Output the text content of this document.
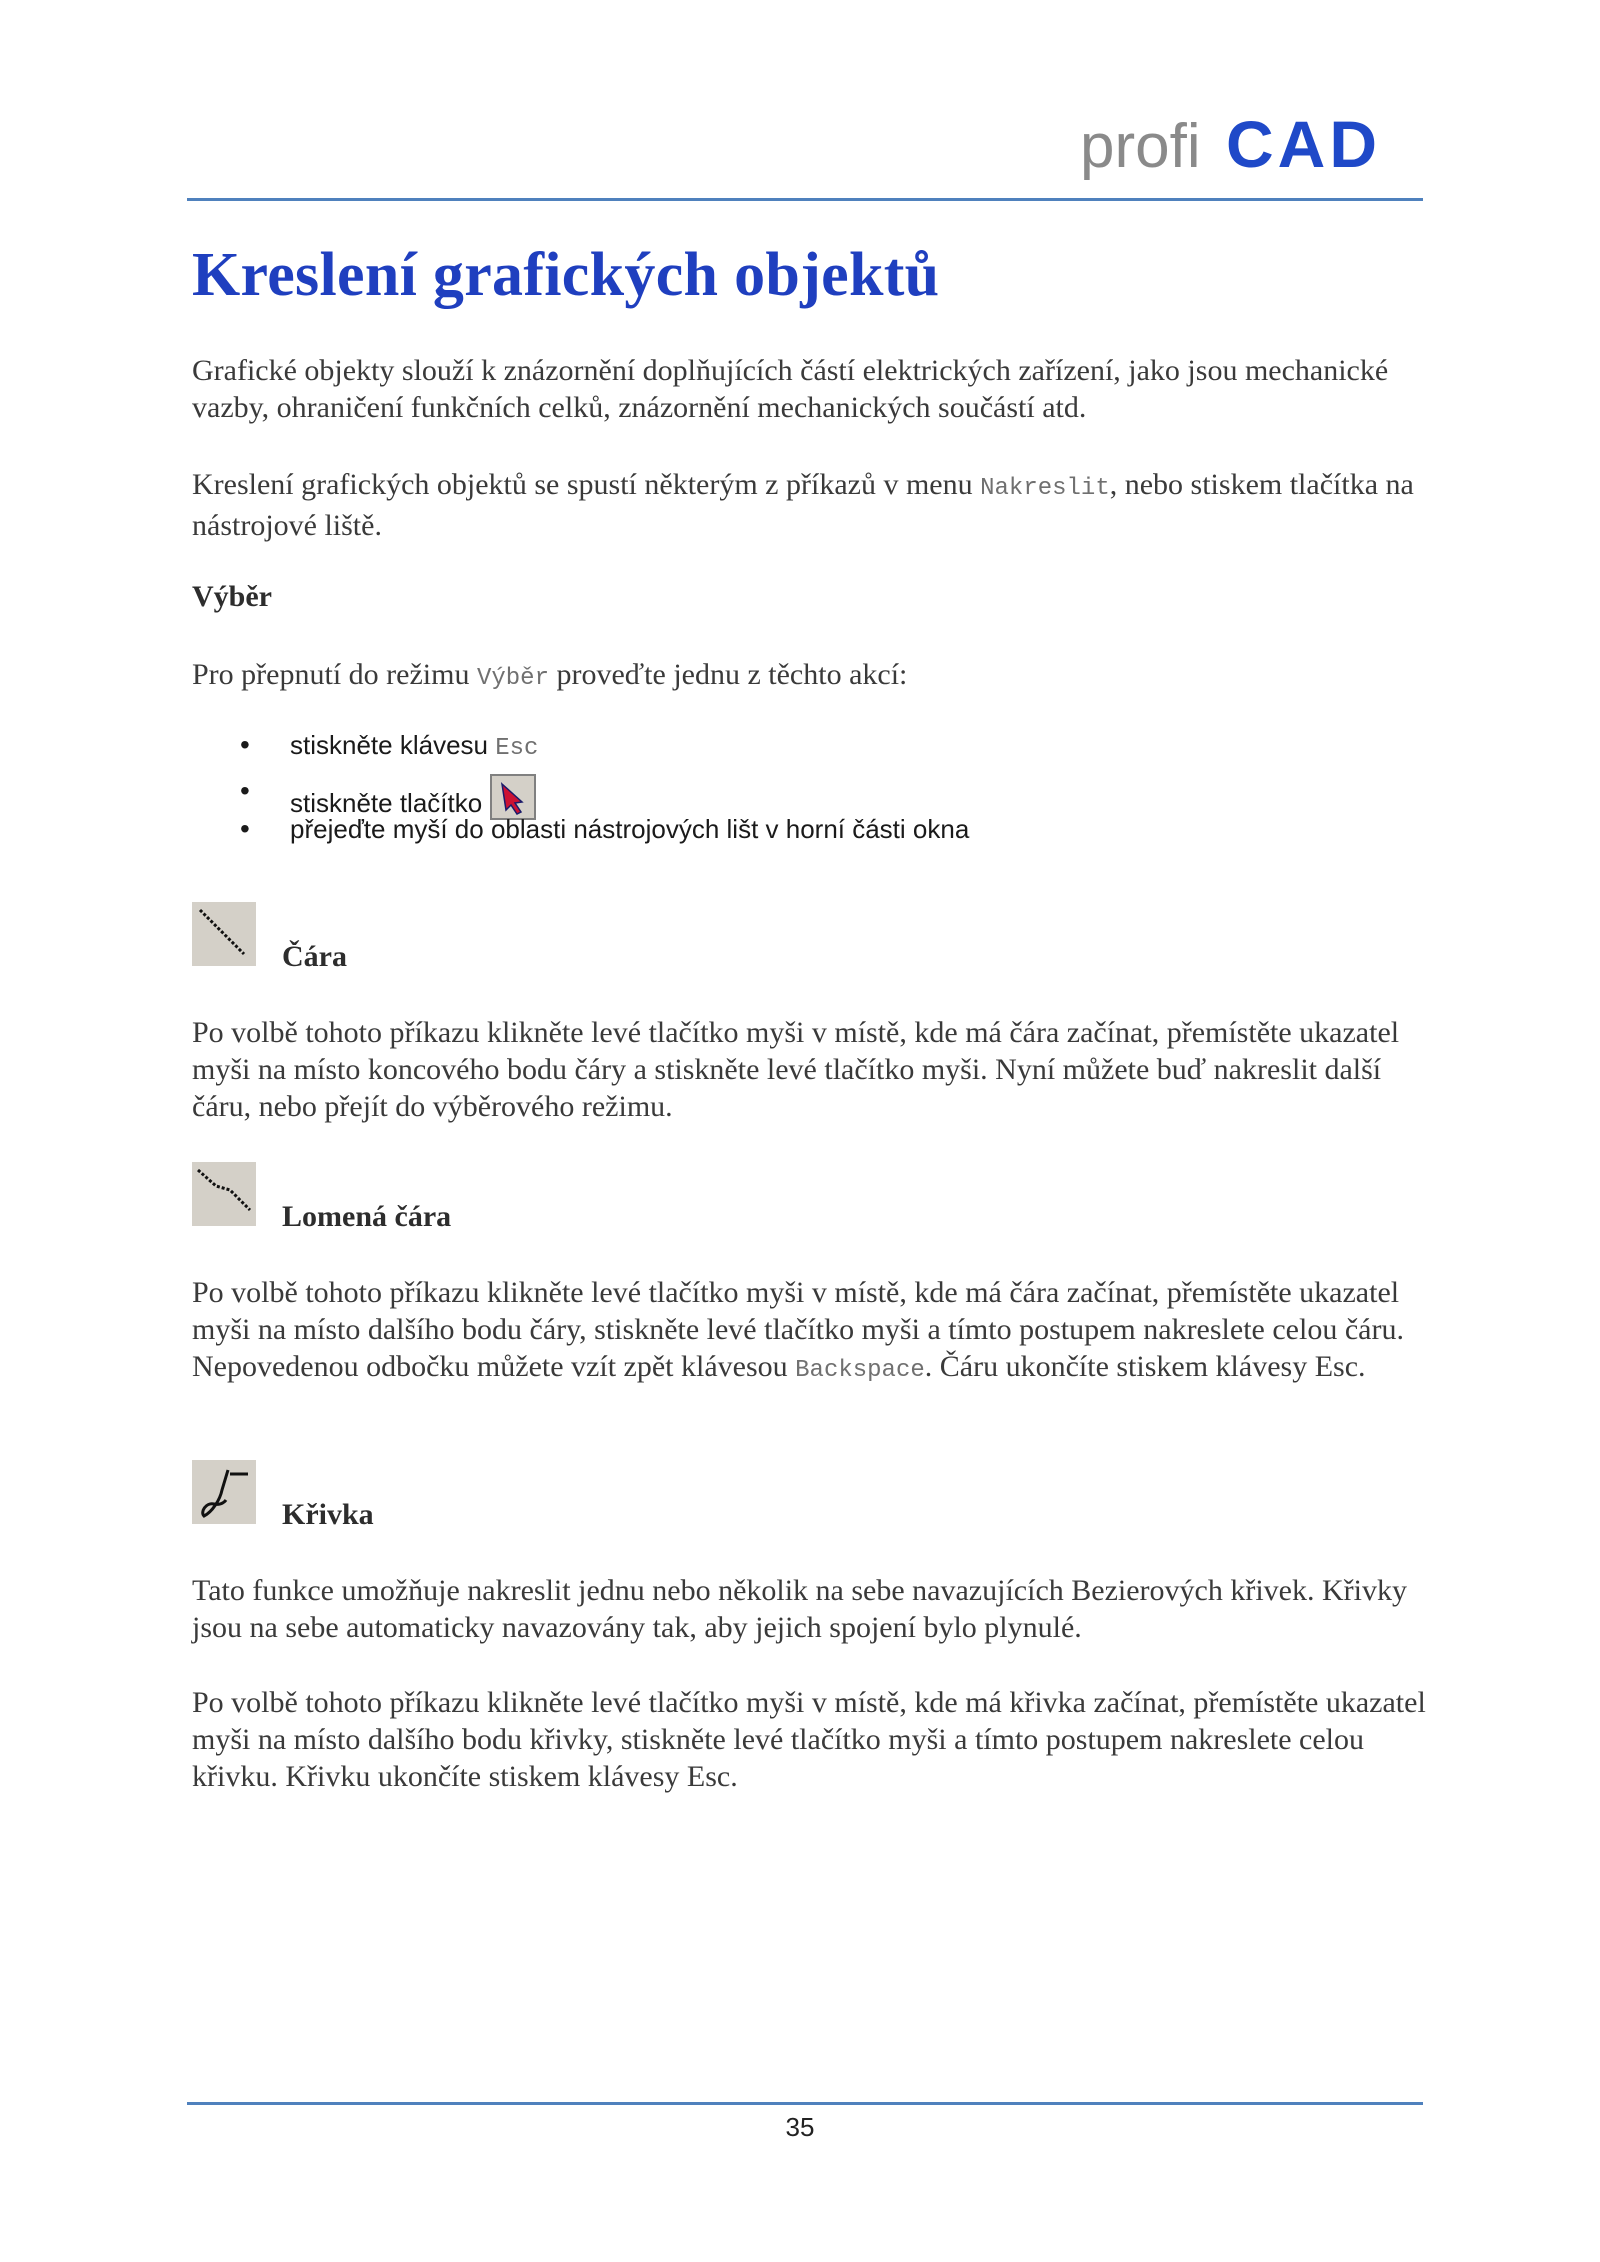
profi CAD
Kreslení grafických objektů

Grafické objekty slouží k znázornění doplňujících částí elektrických zařízení, jako jsou mechanické vazby, ohraničení funkčních celků, znázornění mechanických součástí atd.

Kreslení grafických objektů se spustí některým z příkazů v menu Nakreslit, nebo stiskem tlačítka na nástrojové liště.

Výběr

Pro přepnutí do režimu Výběr proveďte jednu z těchto akcí:

• stiskněte klávesu Esc
• stiskněte tlačítko
• přejeďte myší do oblasti nástrojových lišt v horní části okna
Čára

Po volbě tohoto příkazu klikněte levé tlačítko myši v místě, kde má čára začínat, přemístěte ukazatel myši na místo koncového bodu čáry a stiskněte levé tlačítko myši. Nyní můžete buď nakreslit další čáru, nebo přejít do výběrového režimu.

Lomená čára

Po volbě tohoto příkazu klikněte levé tlačítko myši v místě, kde má čára začínat, přemístěte ukazatel myši na místo dalšího bodu čáry, stiskněte levé tlačítko myši a tímto postupem nakreslete celou čáru. Nepovedenou odbočku můžete vzít zpět klávesou Backspace. Čáru ukončíte stiskem klávesy Esc.

Křivka

Tato funkce umožňuje nakreslit jednu nebo několik na sebe navazujících Bezierových křivek. Křivky jsou na sebe automaticky navazovány tak, aby jejich spojení bylo plynulé.

Po volbě tohoto příkazu klikněte levé tlačítko myši v místě, kde má křivka začínat, přemístěte ukazatel myši na místo dalšího bodu křivky, stiskněte levé tlačítko myši a tímto postupem nakreslete celou křivku. Křivku ukončíte stiskem klávesy Esc.

35
